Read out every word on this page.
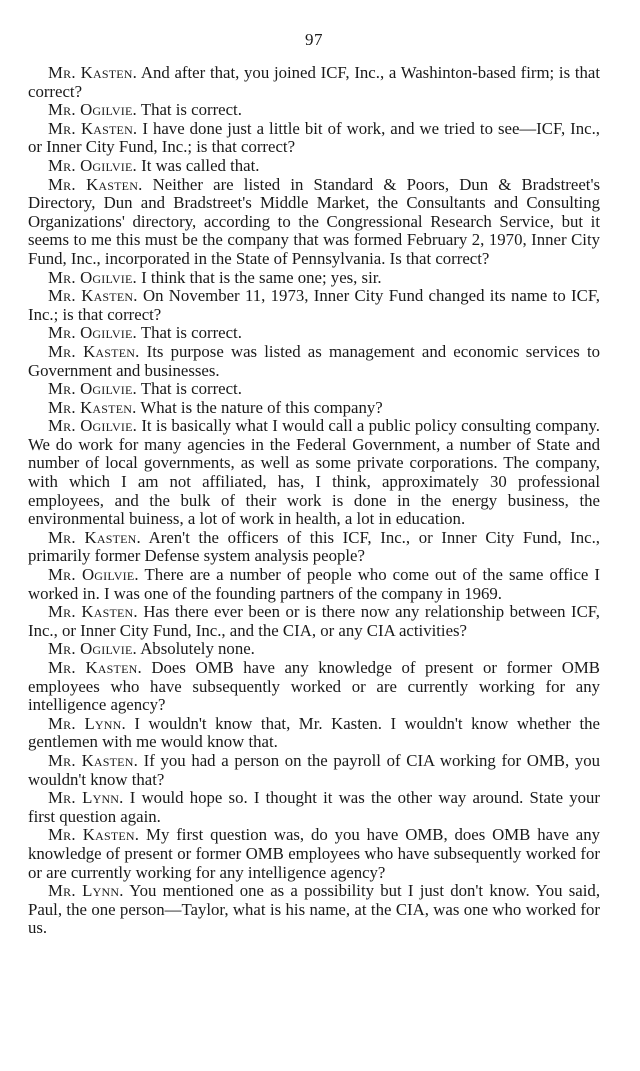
97

Mr. Kasten. And after that, you joined ICF, Inc., a Washinton-based firm; is that correct?

Mr. Ogilvie. That is correct.

Mr. Kasten. I have done just a little bit of work, and we tried to see—ICF, Inc., or Inner City Fund, Inc.; is that correct?

Mr. Ogilvie. It was called that.

Mr. Kasten. Neither are listed in Standard & Poors, Dun & Bradstreet's Directory, Dun and Bradstreet's Middle Market, the Consultants and Consulting Organizations' directory, according to the Congressional Research Service, but it seems to me this must be the company that was formed February 2, 1970, Inner City Fund, Inc., incorporated in the State of Pennsylvania. Is that correct?

Mr. Ogilvie. I think that is the same one; yes, sir.

Mr. Kasten. On November 11, 1973, Inner City Fund changed its name to ICF, Inc.; is that correct?

Mr. Ogilvie. That is correct.

Mr. Kasten. Its purpose was listed as management and economic services to Government and businesses.

Mr. Ogilvie. That is correct.

Mr. Kasten. What is the nature of this company?

Mr. Ogilvie. It is basically what I would call a public policy consulting company. We do work for many agencies in the Federal Government, a number of State and number of local governments, as well as some private corporations. The company, with which I am not affiliated, has, I think, approximately 30 professional employees, and the bulk of their work is done in the energy business, the environmental buiness, a lot of work in health, a lot in education.

Mr. Kasten. Aren't the officers of this ICF, Inc., or Inner City Fund, Inc., primarily former Defense system analysis people?

Mr. Ogilvie. There are a number of people who come out of the same office I worked in. I was one of the founding partners of the company in 1969.

Mr. Kasten. Has there ever been or is there now any relationship between ICF, Inc., or Inner City Fund, Inc., and the CIA, or any CIA activities?

Mr. Ogilvie. Absolutely none.

Mr. Kasten. Does OMB have any knowledge of present or former OMB employees who have subsequently worked or are currently working for any intelligence agency?

Mr. Lynn. I wouldn't know that, Mr. Kasten. I wouldn't know whether the gentlemen with me would know that.

Mr. Kasten. If you had a person on the payroll of CIA working for OMB, you wouldn't know that?

Mr. Lynn. I would hope so. I thought it was the other way around. State your first question again.

Mr. Kasten. My first question was, do you have OMB, does OMB have any knowledge of present or former OMB employees who have subsequently worked for or are currently working for any intelligence agency?

Mr. Lynn. You mentioned one as a possibility but I just don't know. You said, Paul, the one person—Taylor, what is his name, at the CIA, was one who worked for us.
